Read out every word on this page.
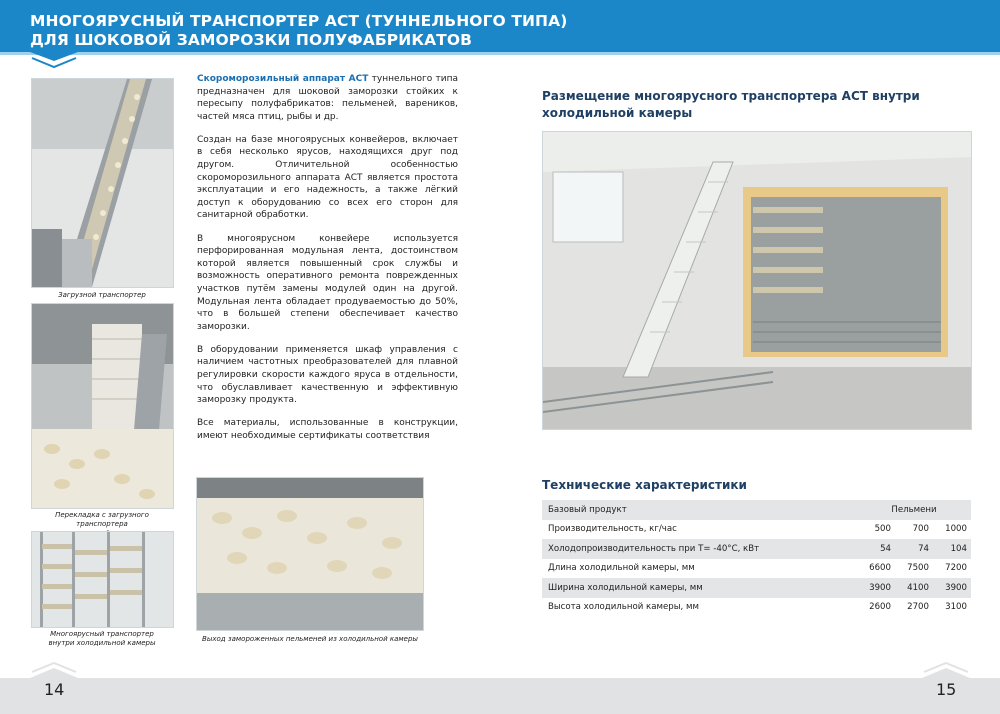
МНОГОЯРУСНЫЙ ТРАНСПОРТЕР АСТ (ТУННЕЛЬНОГО ТИПА)
ДЛЯ ШОКОВОЙ ЗАМОРОЗКИ ПОЛУФАБРИКАТОВ
Загрузной транспортер
Перекладка с загрузного транспортера
Многоярусный транспортер
внутри холодильной камеры

Скороморозильный аппарат АСТ туннельного типа предназначен для шоковой заморозки стойких к пересыпу полуфабрикатов: пельменей, вареников, частей мяса птиц, рыбы и др.

Создан на базе многоярусных конвейеров, включает в себя несколько ярусов, находящихся друг под другом. Отличительной особенностью скороморозильного аппарата АСТ является простота эксплуатации и его надежность, а также лёгкий доступ к оборудованию со всех его сторон для санитарной обработки.

В многоярусном конвейере используется перфорированная модульная лента, достоинством которой является повышенный срок службы и возможность оперативного ремонта поврежденных участков путём замены модулей один на другой. Модульная лента обладает продуваемостью до 50%, что в большей степени обеспечивает качество заморозки.

В оборудовании применяется шкаф управления с наличием частотных преобразователей для плавной регулировки скорости каждого яруса в отдельности, что обуславливает качественную и эффективную заморозку продукта.

Все материалы, использованные в конструкции, имеют необходимые сертификаты соответствия

Выход замороженных пельменей из холодильной камеры
Размещение многоярусного транспортера АСТ внутри холодильной камеры
Технические характеристики
Базовый продукт	Пельмени		
Производительность, кг/час	500	700	1000
Холодопроизводительность при Т= -40°С, кВт	54	74	104
Длина холодильной камеры, мм	6600	7500	7200
Ширина холодильной камеры, мм	3900	4100	3900
Высота холодильной камеры, мм	2600	2700	3100
14	15
